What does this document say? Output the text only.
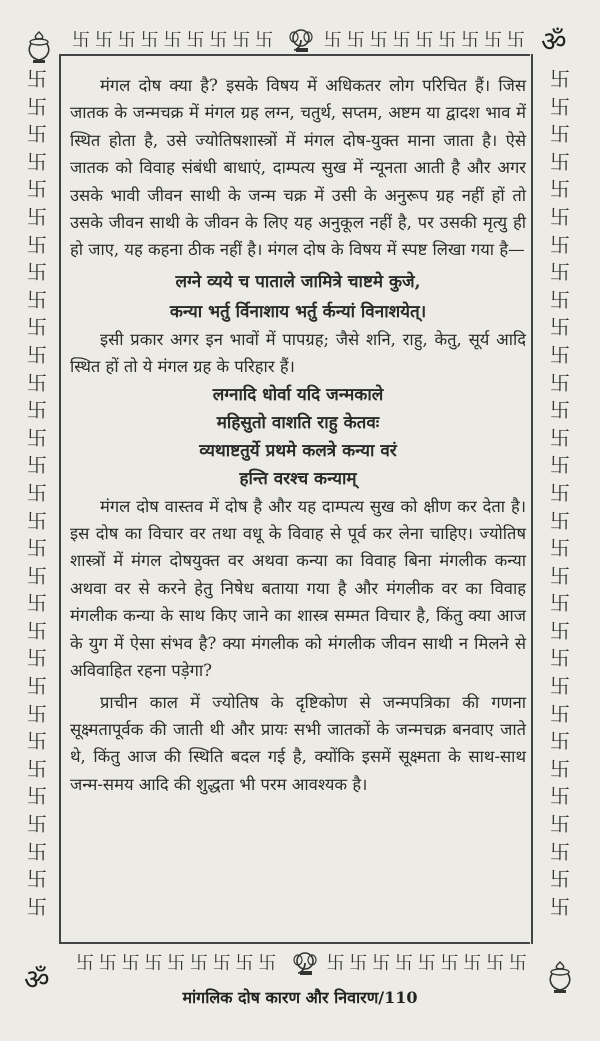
ॐ
ॐ
卐 卐 卐 卐 卐 卐 卐 卐 卐	卐 卐 卐 卐 卐 卐 卐 卐 卐
卐 卐 卐 卐 卐 卐 卐 卐 卐	卐 卐 卐 卐 卐 卐 卐 卐 卐
卐
卐
卐
卐
卐
卐
卐
卐
卐
卐
卐
卐
卐
卐
卐
卐
卐
卐
卐
卐
卐
卐
卐
卐
卐
卐
卐
卐
卐
卐
卐
卐
卐
卐
卐
卐
卐
卐
卐
卐
卐
卐
卐
卐
卐
卐
卐
卐
卐
卐
卐
卐
卐
卐
卐
卐
卐
卐
卐
卐
卐
卐

मंगल दोष क्या है? इसके विषय में अधिकतर लोग परिचित हैं। जिस जातक के जन्मचक्र में मंगल ग्रह लग्न, चतुर्थ, सप्तम, अष्टम या द्वादश भाव में स्थित होता है, उसे ज्योतिषशास्त्रों में मंगल दोष-युक्त माना जाता है। ऐसे जातक को विवाह संबंधी बाधाएं, दाम्पत्य सुख में न्यूनता आती है और अगर उसके भावी जीवन साथी के जन्म चक्र में उसी के अनुरूप ग्रह नहीं हों तो उसके जीवन साथी के जीवन के लिए यह अनुकूल नहीं है, पर उसकी मृत्यु ही हो जाए, यह कहना ठीक नहीं है। मंगल दोष के विषय में स्पष्ट लिखा गया है—

लग्ने व्यये च पाताले जामित्रे चाष्टमे कुजे,
कन्या भर्तु र्विनाशाय भर्तु र्कन्यां विनाशयेत्।

इसी प्रकार अगर इन भावों में पापग्रह; जैसे शनि, राहु, केतु, सूर्य आदि स्थित हों तो ये मंगल ग्रह के परिहार हैं।

लग्नादि धोर्वा यदि जन्मकाले
महिसुतो वाशति राहु केतवः
व्यथाष्टतुर्ये प्रथमे कलत्रे कन्या वरं
हन्ति वरश्च कन्याम्

मंगल दोष वास्तव में दोष है और यह दाम्पत्य सुख को क्षीण कर देता है। इस दोष का विचार वर तथा वधू के विवाह से पूर्व कर लेना चाहिए। ज्योतिष शास्त्रों में मंगल दोषयुक्त वर अथवा कन्या का विवाह बिना मंगलीक कन्या अथवा वर से करने हेतु निषेध बताया गया है और मंगलीक वर का विवाह मंगलीक कन्या के साथ किए जाने का शास्त्र सम्मत विचार है, किंतु क्या आज के युग में ऐसा संभव है? क्या मंगलीक को मंगलीक जीवन साथी न मिलने से अविवाहित रहना पड़ेगा?

प्राचीन काल में ज्योतिष के दृष्टिकोण से जन्मपत्रिका की गणना सूक्ष्मतापूर्वक की जाती थी और प्रायः सभी जातकों के जन्मचक्र बनवाए जाते थे, किंतु आज की स्थिति बदल गई है, क्योंकि इसमें सूक्ष्मता के साथ-साथ जन्म-समय आदि की शुद्धता भी परम आवश्यक है।

मांगलिक दोष कारण और निवारण/110
